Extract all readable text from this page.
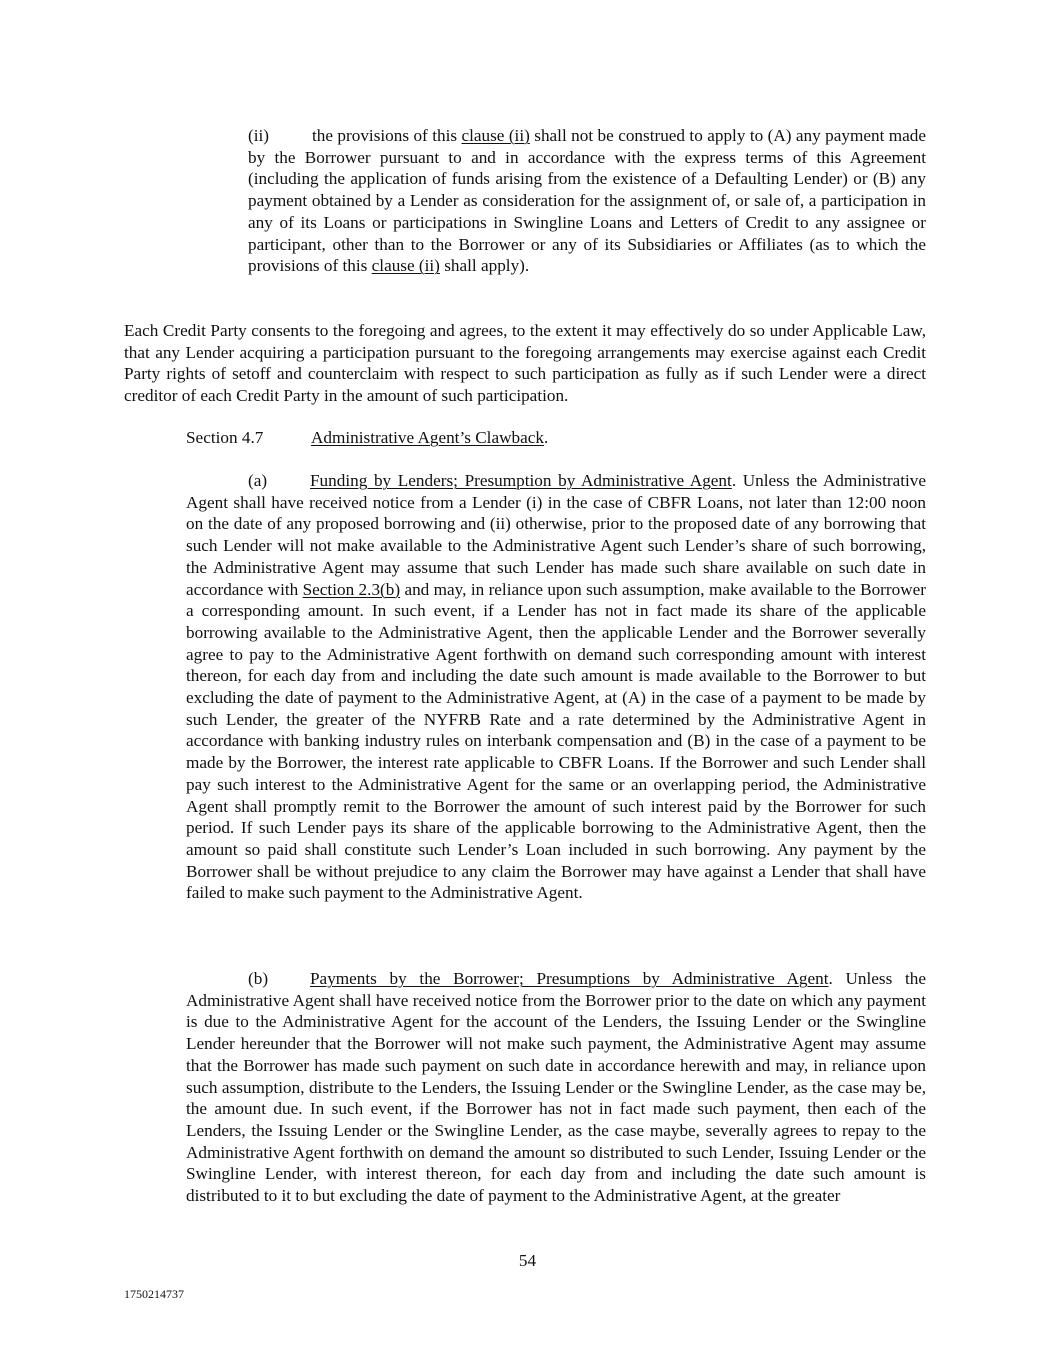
(ii)	the provisions of this clause (ii) shall not be construed to apply to (A) any payment made by the Borrower pursuant to and in accordance with the express terms of this Agreement (including the application of funds arising from the existence of a Defaulting Lender) or (B) any payment obtained by a Lender as consideration for the assignment of, or sale of, a participation in any of its Loans or participations in Swingline Loans and Letters of Credit to any assignee or participant, other than to the Borrower or any of its Subsidiaries or Affiliates (as to which the provisions of this clause (ii) shall apply).

Each Credit Party consents to the foregoing and agrees, to the extent it may effectively do so under Applicable Law, that any Lender acquiring a participation pursuant to the foregoing arrangements may exercise against each Credit Party rights of setoff and counterclaim with respect to such participation as fully as if such Lender were a direct creditor of each Credit Party in the amount of such participation.

Section 4.7	Administrative Agent’s Clawback.

(a) Funding by Lenders; Presumption by Administrative Agent. Unless the Administrative Agent shall have received notice from a Lender (i) in the case of CBFR Loans, not later than 12:00 noon on the date of any proposed borrowing and (ii) otherwise, prior to the proposed date of any borrowing that such Lender will not make available to the Administrative Agent such Lender’s share of such borrowing, the Administrative Agent may assume that such Lender has made such share available on such date in accordance with Section 2.3(b) and may, in reliance upon such assumption, make available to the Borrower a corresponding amount. In such event, if a Lender has not in fact made its share of the applicable borrowing available to the Administrative Agent, then the applicable Lender and the Borrower severally agree to pay to the Administrative Agent forthwith on demand such corresponding amount with interest thereon, for each day from and including the date such amount is made available to the Borrower to but excluding the date of payment to the Administrative Agent, at (A) in the case of a payment to be made by such Lender, the greater of the NYFRB Rate and a rate determined by the Administrative Agent in accordance with banking industry rules on interbank compensation and (B) in the case of a payment to be made by the Borrower, the interest rate applicable to CBFR Loans. If the Borrower and such Lender shall pay such interest to the Administrative Agent for the same or an overlapping period, the Administrative Agent shall promptly remit to the Borrower the amount of such interest paid by the Borrower for such period. If such Lender pays its share of the applicable borrowing to the Administrative Agent, then the amount so paid shall constitute such Lender’s Loan included in such borrowing. Any payment by the Borrower shall be without prejudice to any claim the Borrower may have against a Lender that shall have failed to make such payment to the Administrative Agent.

(b) Payments by the Borrower; Presumptions by Administrative Agent. Unless the Administrative Agent shall have received notice from the Borrower prior to the date on which any payment is due to the Administrative Agent for the account of the Lenders, the Issuing Lender or the Swingline Lender hereunder that the Borrower will not make such payment, the Administrative Agent may assume that the Borrower has made such payment on such date in accordance herewith and may, in reliance upon such assumption, distribute to the Lenders, the Issuing Lender or the Swingline Lender, as the case may be, the amount due. In such event, if the Borrower has not in fact made such payment, then each of the Lenders, the Issuing Lender or the Swingline Lender, as the case maybe, severally agrees to repay to the Administrative Agent forthwith on demand the amount so distributed to such Lender, Issuing Lender or the Swingline Lender, with interest thereon, for each day from and including the date such amount is distributed to it to but excluding the date of payment to the Administrative Agent, at the greater

54

1750214737
